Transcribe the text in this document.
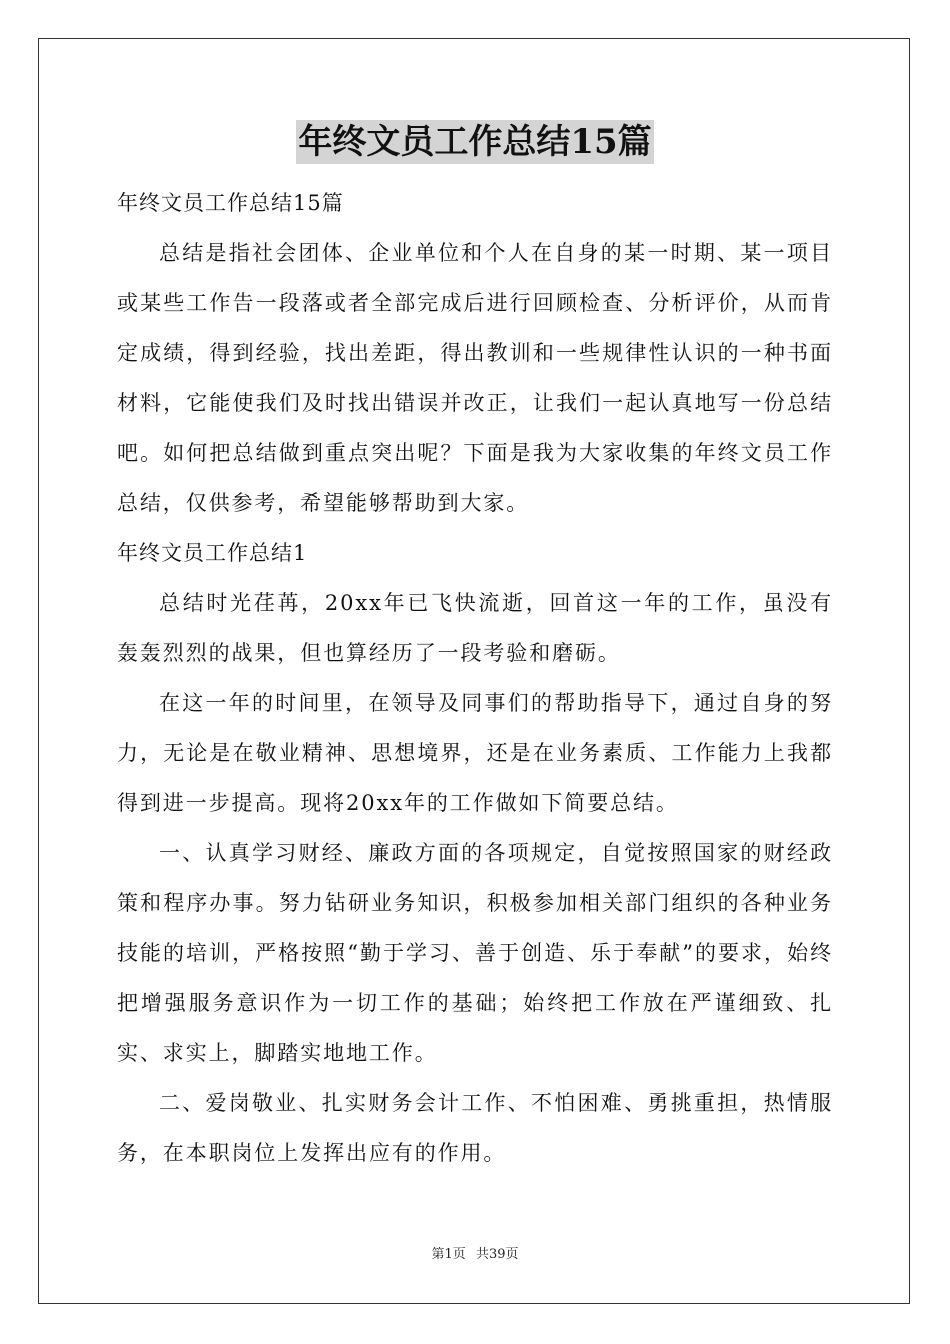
年终文员工作总结15篇
年终文员工作总结15篇

总结是指社会团体、企业单位和个人在自身的某一时期、某一项目或某些工作告一段落或者全部完成后进行回顾检查、分析评价，从而肯定成绩，得到经验，找出差距，得出教训和一些规律性认识的一种书面材料，它能使我们及时找出错误并改正，让我们一起认真地写一份总结吧。如何把总结做到重点突出呢？下面是我为大家收集的年终文员工作总结，仅供参考，希望能够帮助到大家。

年终文员工作总结1

总结时光荏苒，20xx年已飞快流逝，回首这一年的工作，虽没有轰轰烈烈的战果，但也算经历了一段考验和磨砺。

在这一年的时间里，在领导及同事们的帮助指导下，通过自身的努力，无论是在敬业精神、思想境界，还是在业务素质、工作能力上我都得到进一步提高。现将20xx年的工作做如下简要总结。

一、认真学习财经、廉政方面的各项规定，自觉按照国家的财经政策和程序办事。努力钻研业务知识，积极参加相关部门组织的各种业务技能的培训，严格按照“勤于学习、善于创造、乐于奉献”的要求，始终把增强服务意识作为一切工作的基础；始终把工作放在严谨细致、扎实、求实上，脚踏实地地工作。

二、爱岗敬业、扎实财务会计工作、不怕困难、勇挑重担，热情服务，在本职岗位上发挥出应有的作用。

第1页 共39页
